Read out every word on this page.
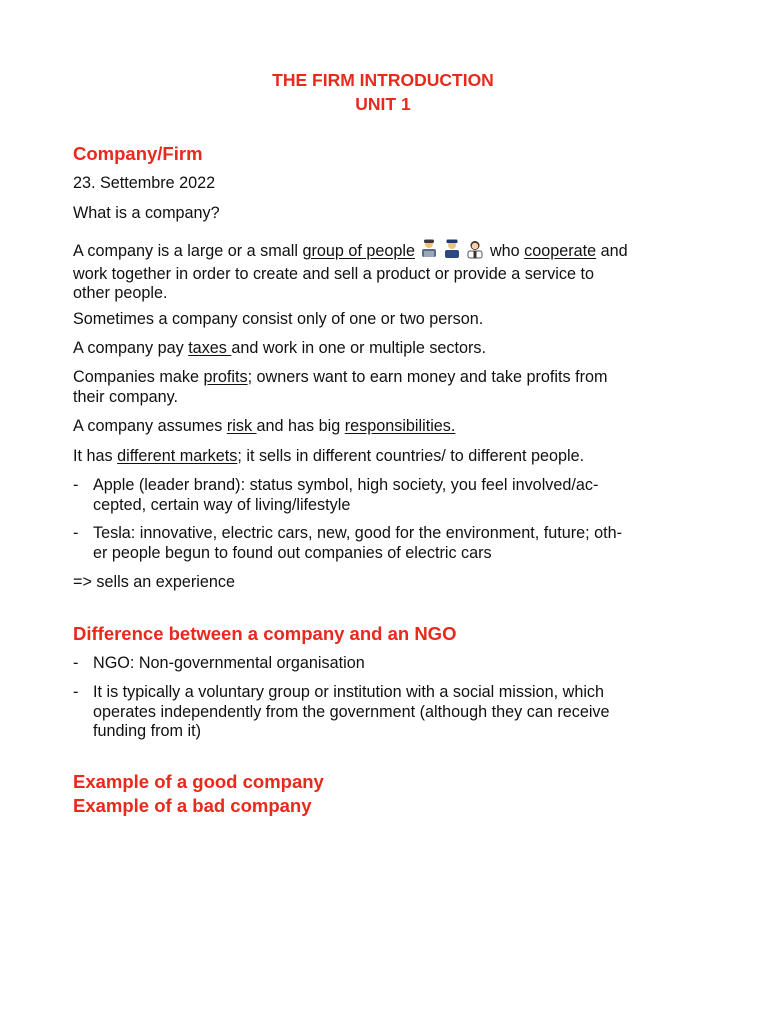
THE FIRM INTRODUCTION
UNIT 1
Company/Firm
23. Settembre 2022
What is a company?
A company is a large or a small group of people	who cooperate and
work together in order to create and sell a product or provide a service to
other people.
Sometimes a company consist only of one or two person.
A company pay taxes and work in one or multiple sectors.
Companies make profits; owners want to earn money and take profits from
their company.
A company assumes risk and has big responsibilities.
It has different markets; it sells in different countries/ to different people.
- Apple (leader brand): status symbol, high society, you feel involved/ac-
cepted, certain way of living/lifestyle
- Tesla: innovative, electric cars, new, good for the environment, future; oth-
er people begun to found out companies of electric cars
=> sells an experience
Difference between a company and an NGO
- NGO: Non-governmental organisation
- It is typically a voluntary group or institution with a social mission, which
operates independently from the government (although they can receive
funding from it)
Example of a good company
Example of a bad company
